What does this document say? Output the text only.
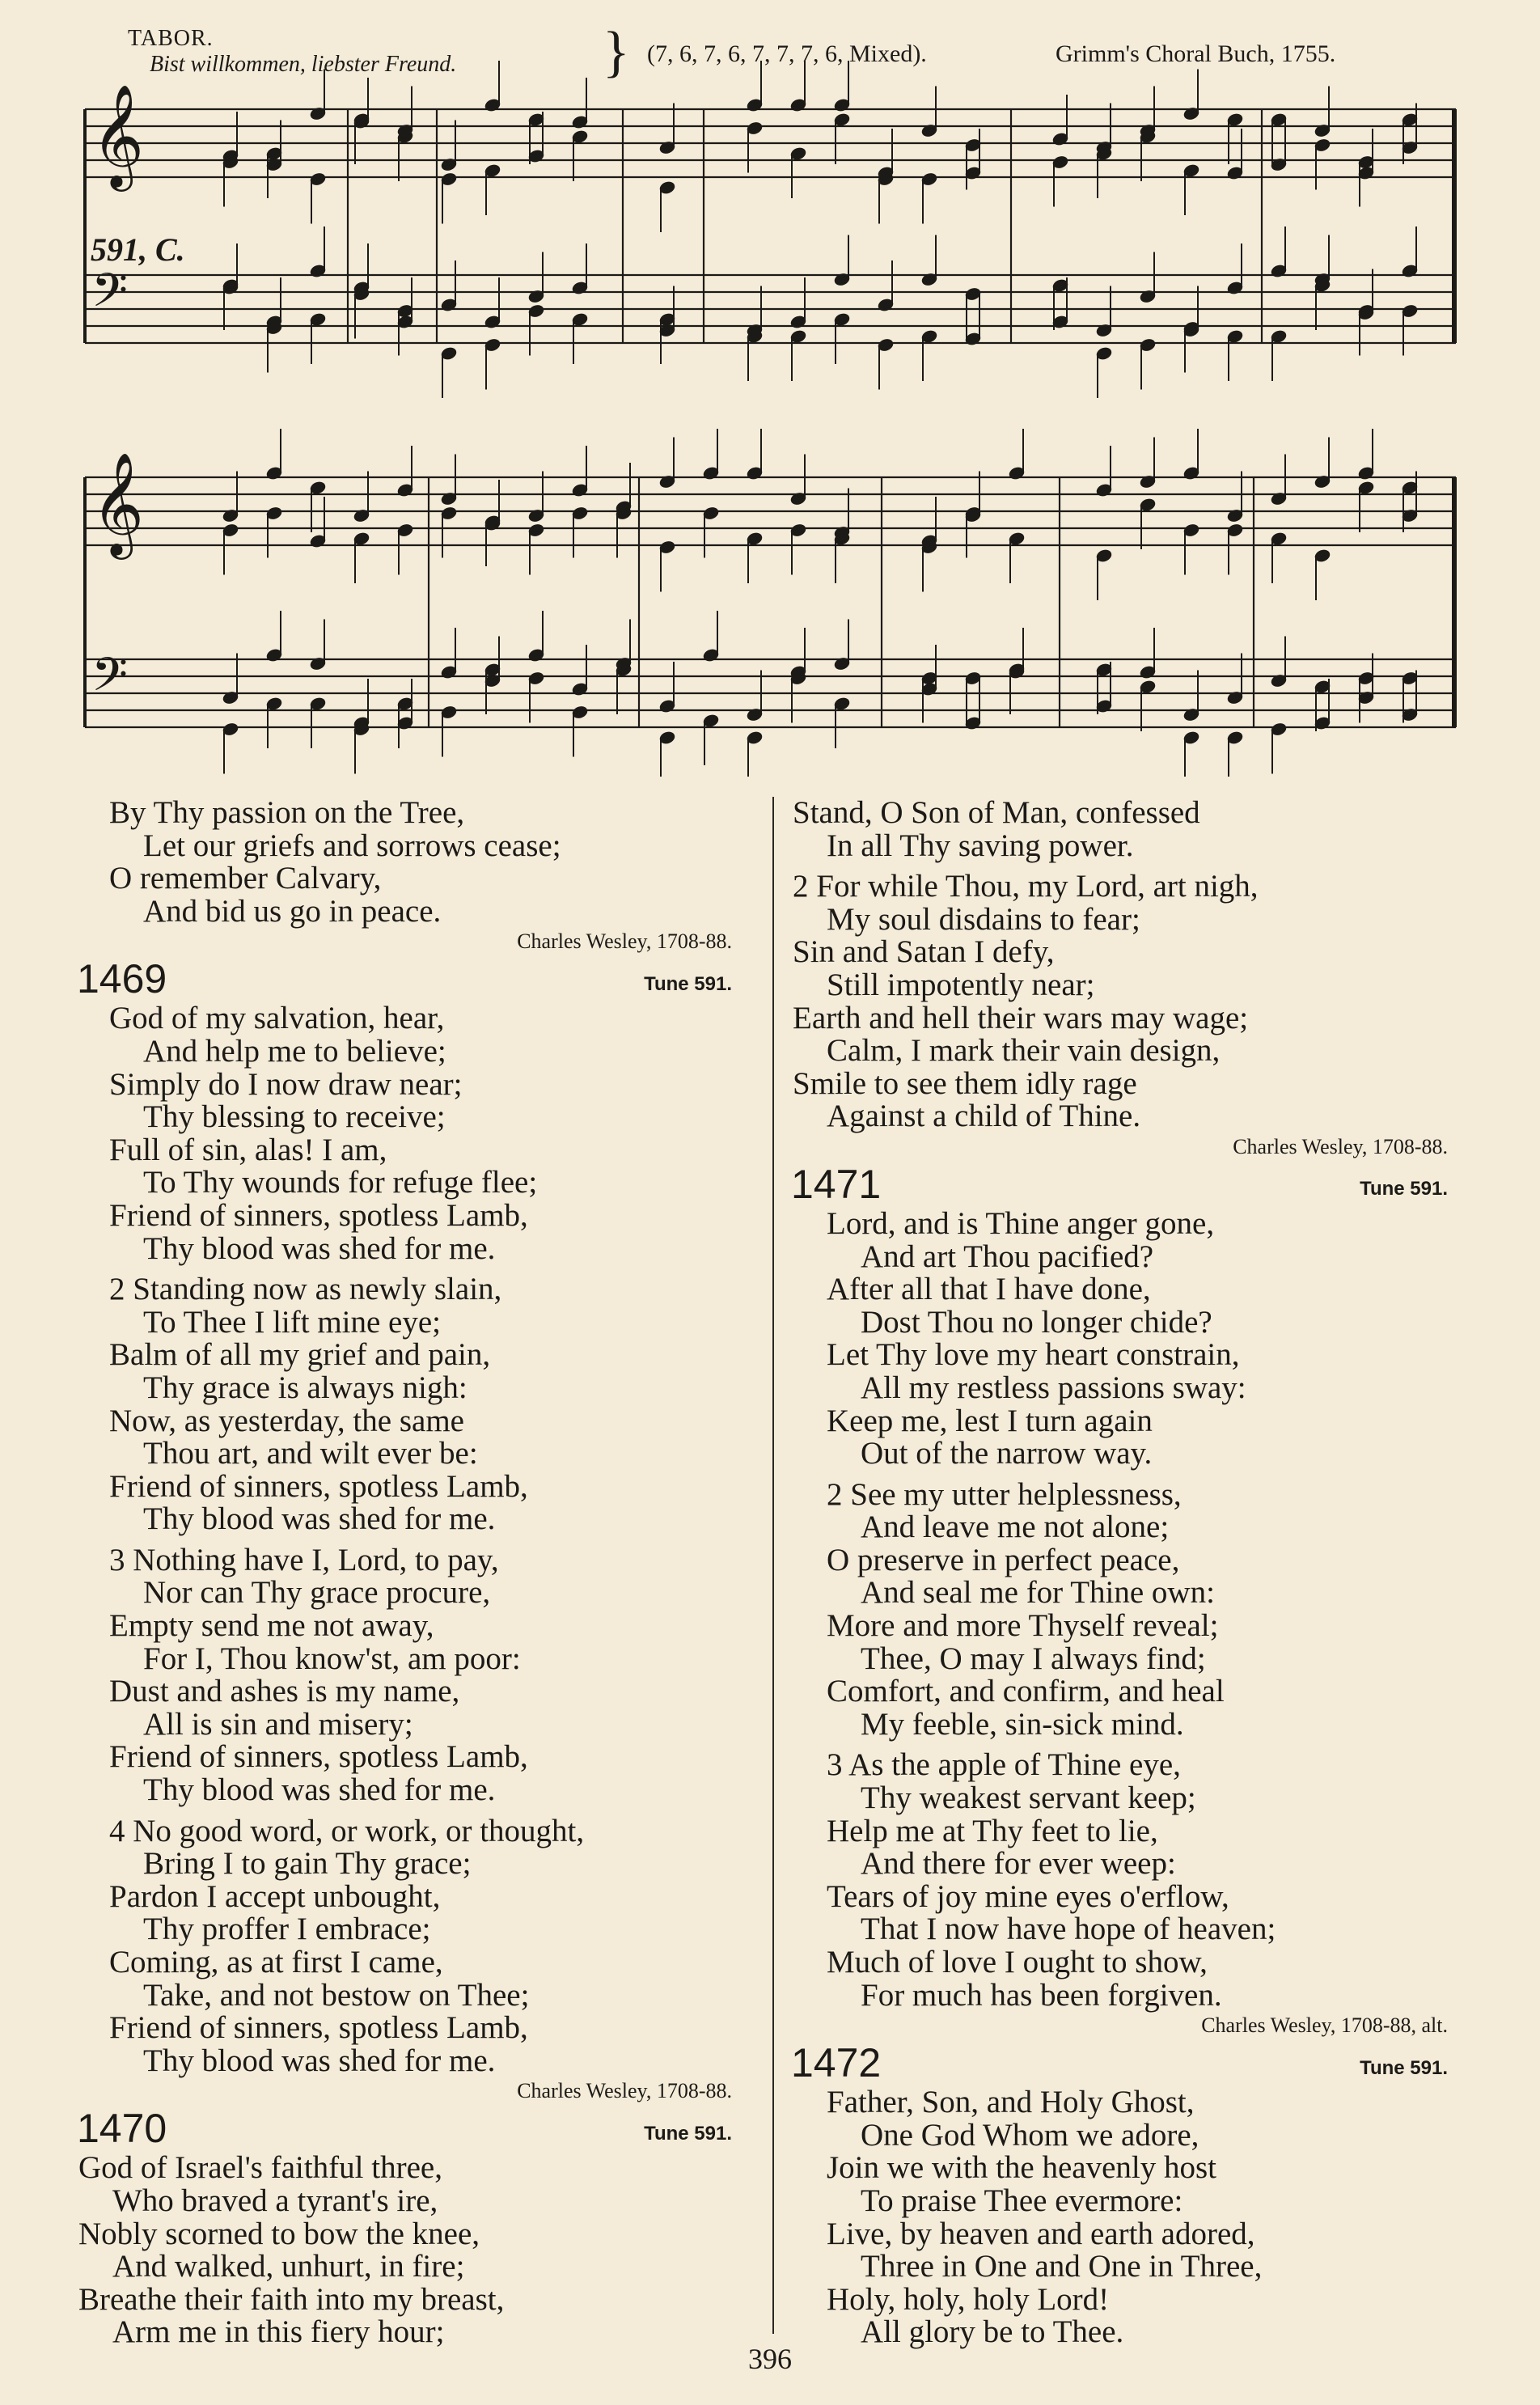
TABOR.
Bist willkommen, liebster Freund.	} (7, 6, 7, 6, 7, 7, 7, 6, Mixed).	Grimm's Choral Buch, 1755.
591, C.
𝄞
𝄢
𝄞
𝄢

By Thy passion on the Tree,

Let our griefs and sorrows cease;

O remember Calvary,

And bid us go in peace.

Charles Wesley, 1708-88.
1469	Tune 591.

God of my salvation, hear,

And help me to believe;

Simply do I now draw near;

Thy blessing to receive;

Full of sin, alas! I am,

To Thy wounds for refuge flee;

Friend of sinners, spotless Lamb,

Thy blood was shed for me.

2 Standing now as newly slain,

To Thee I lift mine eye;

Balm of all my grief and pain,

Thy grace is always nigh:

Now, as yesterday, the same

Thou art, and wilt ever be:

Friend of sinners, spotless Lamb,

Thy blood was shed for me.

3 Nothing have I, Lord, to pay,

Nor can Thy grace procure,

Empty send me not away,

For I, Thou know'st, am poor:

Dust and ashes is my name,

All is sin and misery;

Friend of sinners, spotless Lamb,

Thy blood was shed for me.

4 No good word, or work, or thought,

Bring I to gain Thy grace;

Pardon I accept unbought,

Thy proffer I embrace;

Coming, as at first I came,

Take, and not bestow on Thee;

Friend of sinners, spotless Lamb,

Thy blood was shed for me.

Charles Wesley, 1708-88.
1470	Tune 591.

God of Israel's faithful three,

Who braved a tyrant's ire,

Nobly scorned to bow the knee,

And walked, unhurt, in fire;

Breathe their faith into my breast,

Arm me in this fiery hour;

Stand, O Son of Man, confessed

In all Thy saving power.

2 For while Thou, my Lord, art nigh,

My soul disdains to fear;

Sin and Satan I defy,

Still impotently near;

Earth and hell their wars may wage;

Calm, I mark their vain design,

Smile to see them idly rage

Against a child of Thine.

Charles Wesley, 1708-88.
1471	Tune 591.

Lord, and is Thine anger gone,

And art Thou pacified?

After all that I have done,

Dost Thou no longer chide?

Let Thy love my heart constrain,

All my restless passions sway:

Keep me, lest I turn again

Out of the narrow way.

2 See my utter helplessness,

And leave me not alone;

O preserve in perfect peace,

And seal me for Thine own:

More and more Thyself reveal;

Thee, O may I always find;

Comfort, and confirm, and heal

My feeble, sin-sick mind.

3 As the apple of Thine eye,

Thy weakest servant keep;

Help me at Thy feet to lie,

And there for ever weep:

Tears of joy mine eyes o'erflow,

That I now have hope of heaven;

Much of love I ought to show,

For much has been forgiven.

Charles Wesley, 1708-88, alt.
1472	Tune 591.

Father, Son, and Holy Ghost,

One God Whom we adore,

Join we with the heavenly host

To praise Thee evermore:

Live, by heaven and earth adored,

Three in One and One in Three,

Holy, holy, holy Lord!

All glory be to Thee.

396
